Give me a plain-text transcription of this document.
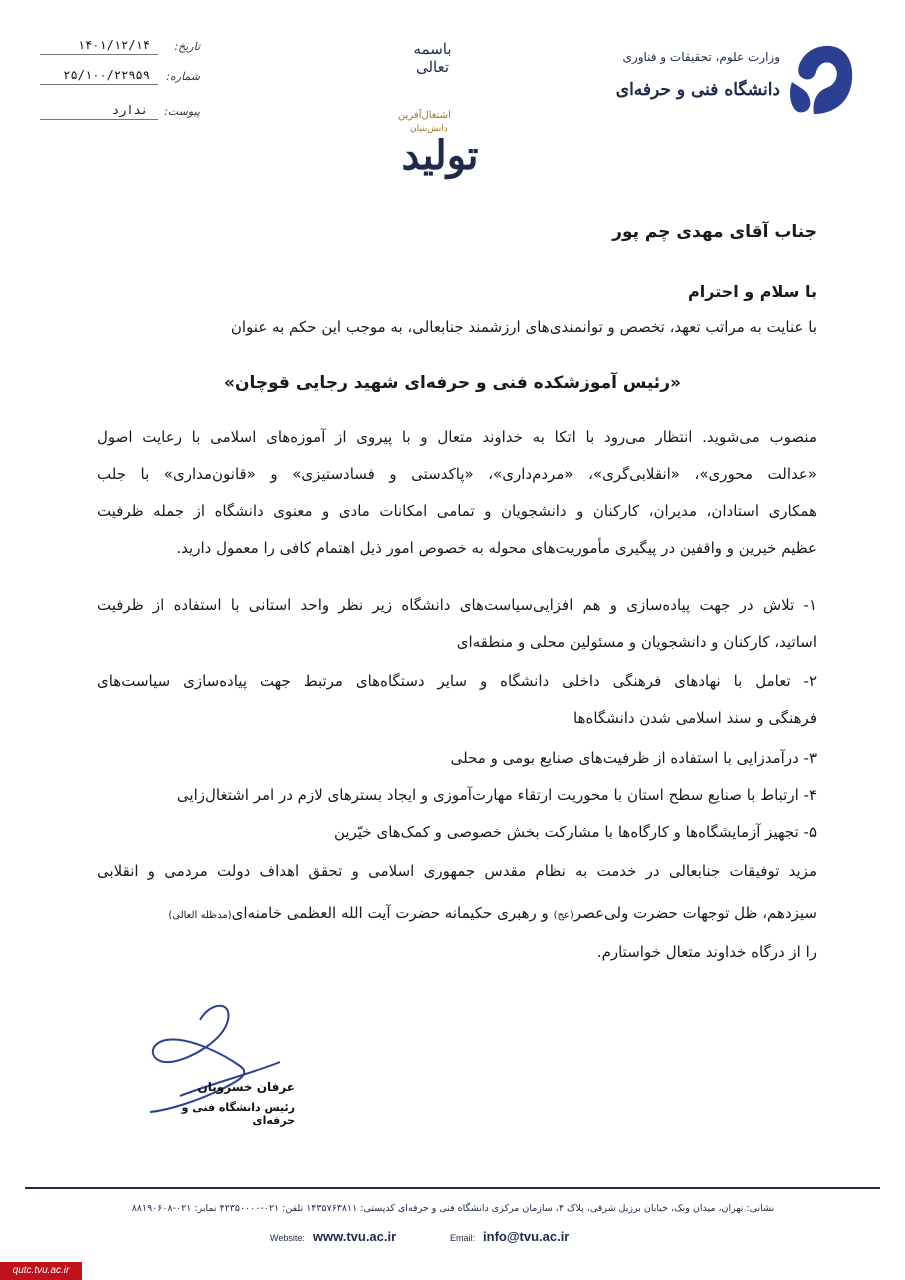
تاریخ:
۱۴۰۱/۱۲/۱۴
شماره:
۲۵/۱۰۰/۲۲۹۵۹
پیوست:
ندارد
باسمه تعالی
اشتغال‌آفرین
دانش‌بنیان
تولید
وزارت علوم، تحقیقات و فناوری
دانشگاه فنی و حرفه‌ای
جناب آقای مهدی چم پور
با سلام و احترام
با عنایت به مراتب تعهد، تخصص و توانمندی‌های ارزشمند جنابعالی، به موجب این حکم به عنوان
«رئیس آموزشکده فنی و حرفه‌ای شهید رجایی قوچان»
منصوب می‌شوید. انتظار می‌رود با اتکا به خداوند متعال و با پیروی از آموزه‌های اسلامی با رعایت اصول
«عدالت محوری»، «انقلابی‌گری»، «مردم‌داری»، «پاکدستی و فسادستیزی» و «قانون‌مداری» با جلب
همکاری استادان، مدیران، کارکنان و دانشجویان و تمامی امکانات مادی و معنوی دانشگاه از جمله ظرفیت
عظیم خیرین و واقفین در پیگیری مأموریت‌های محوله به خصوص امور ذیل اهتمام کافی را معمول دارید.
۱- تلاش در جهت پیاده‌سازی و هم افزایی‌سیاست‌های دانشگاه زیر نظر واحد استانی با استفاده از ظرفیت
اساتید، کارکنان و دانشجویان و مسئولین محلی و منطقه‌ای
۲- تعامل با نهادهای فرهنگی داخلی دانشگاه و سایر دستگاه‌های مرتبط جهت پیاده‌سازی سیاست‌های
فرهنگی و سند اسلامی شدن دانشگاه‌ها
۳- درآمدزایی با استفاده از ظرفیت‌های صنایع بومی و محلی
۴- ارتباط با صنایع سطح استان با محوریت ارتقاء مهارت‌آموزی و ایجاد بسترهای لازم در امر اشتغال‌زایی
۵- تجهیز آزمایشگاه‌ها و کارگاه‌ها با مشارکت بخش خصوصی و کمک‌های خیّرین
مزید توفیقات جنابعالی در خدمت به نظام مقدس جمهوری اسلامی و تحقق اهداف دولت مردمی و انقلابی
سیزدهم، ظل توجهات حضرت ولی‌عصر(عج) و رهبری حکیمانه حضرت آیت الله العظمی خامنه‌ای(مدظله العالی)
را از درگاه خداوند متعال خواستارم.
عرفان خسرویان
رئیس دانشگاه فنی و حرفه‌ای
نشانی: تهران، میدان ونک، خیابان برزیل شرقی، پلاک ۴، سازمان مرکزی دانشگاه فنی و حرفه‌ای کدپستی: ۱۴۳۵۷۶۳۸۱۱ تلفن: ۰۲۱-۴۲۳۵۰۰۰۰ نمابر: ۰۲۱-۸۸۱۹۰۶۰۸
Website: www.tvu.ac.ir	Email: info@tvu.ac.ir
qutc.tvu.ac.ir
